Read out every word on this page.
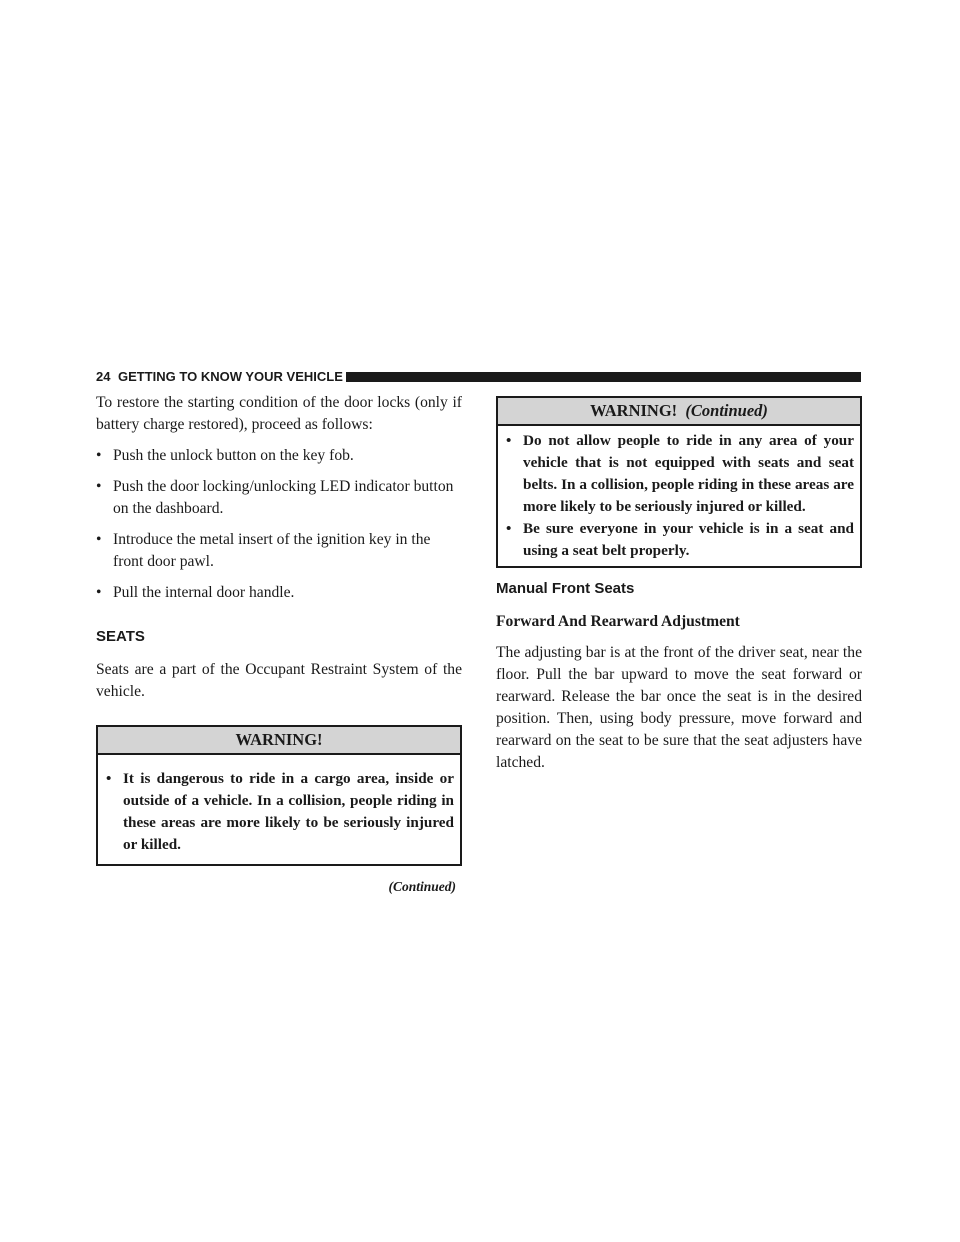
24 GETTING TO KNOW YOUR VEHICLE

To restore the starting condition of the door locks (only if battery charge restored), proceed as follows:

• Push the unlock button on the key fob.
• Push the door locking/unlocking LED indicator button on the dashboard.
• Introduce the metal insert of the ignition key in the front door pawl.
• Pull the internal door handle.
SEATS

Seats are a part of the Occupant Restraint System of the vehicle.

WARNING!
• It is dangerous to ride in a cargo area, inside or outside of a vehicle. In a collision, people riding in these areas are more likely to be seriously injured or killed.
(Continued)
WARNING! (Continued)
• Do not allow people to ride in any area of your vehicle that is not equipped with seats and seat belts. In a collision, people riding in these areas are more likely to be seriously injured or killed.
• Be sure everyone in your vehicle is in a seat and using a seat belt properly.
Manual Front Seats

Forward And Rearward Adjustment

The adjusting bar is at the front of the driver seat, near the floor. Pull the bar upward to move the seat forward or rearward. Release the bar once the seat is in the desired position. Then, using body pressure, move forward and rearward on the seat to be sure that the seat adjusters have latched.
